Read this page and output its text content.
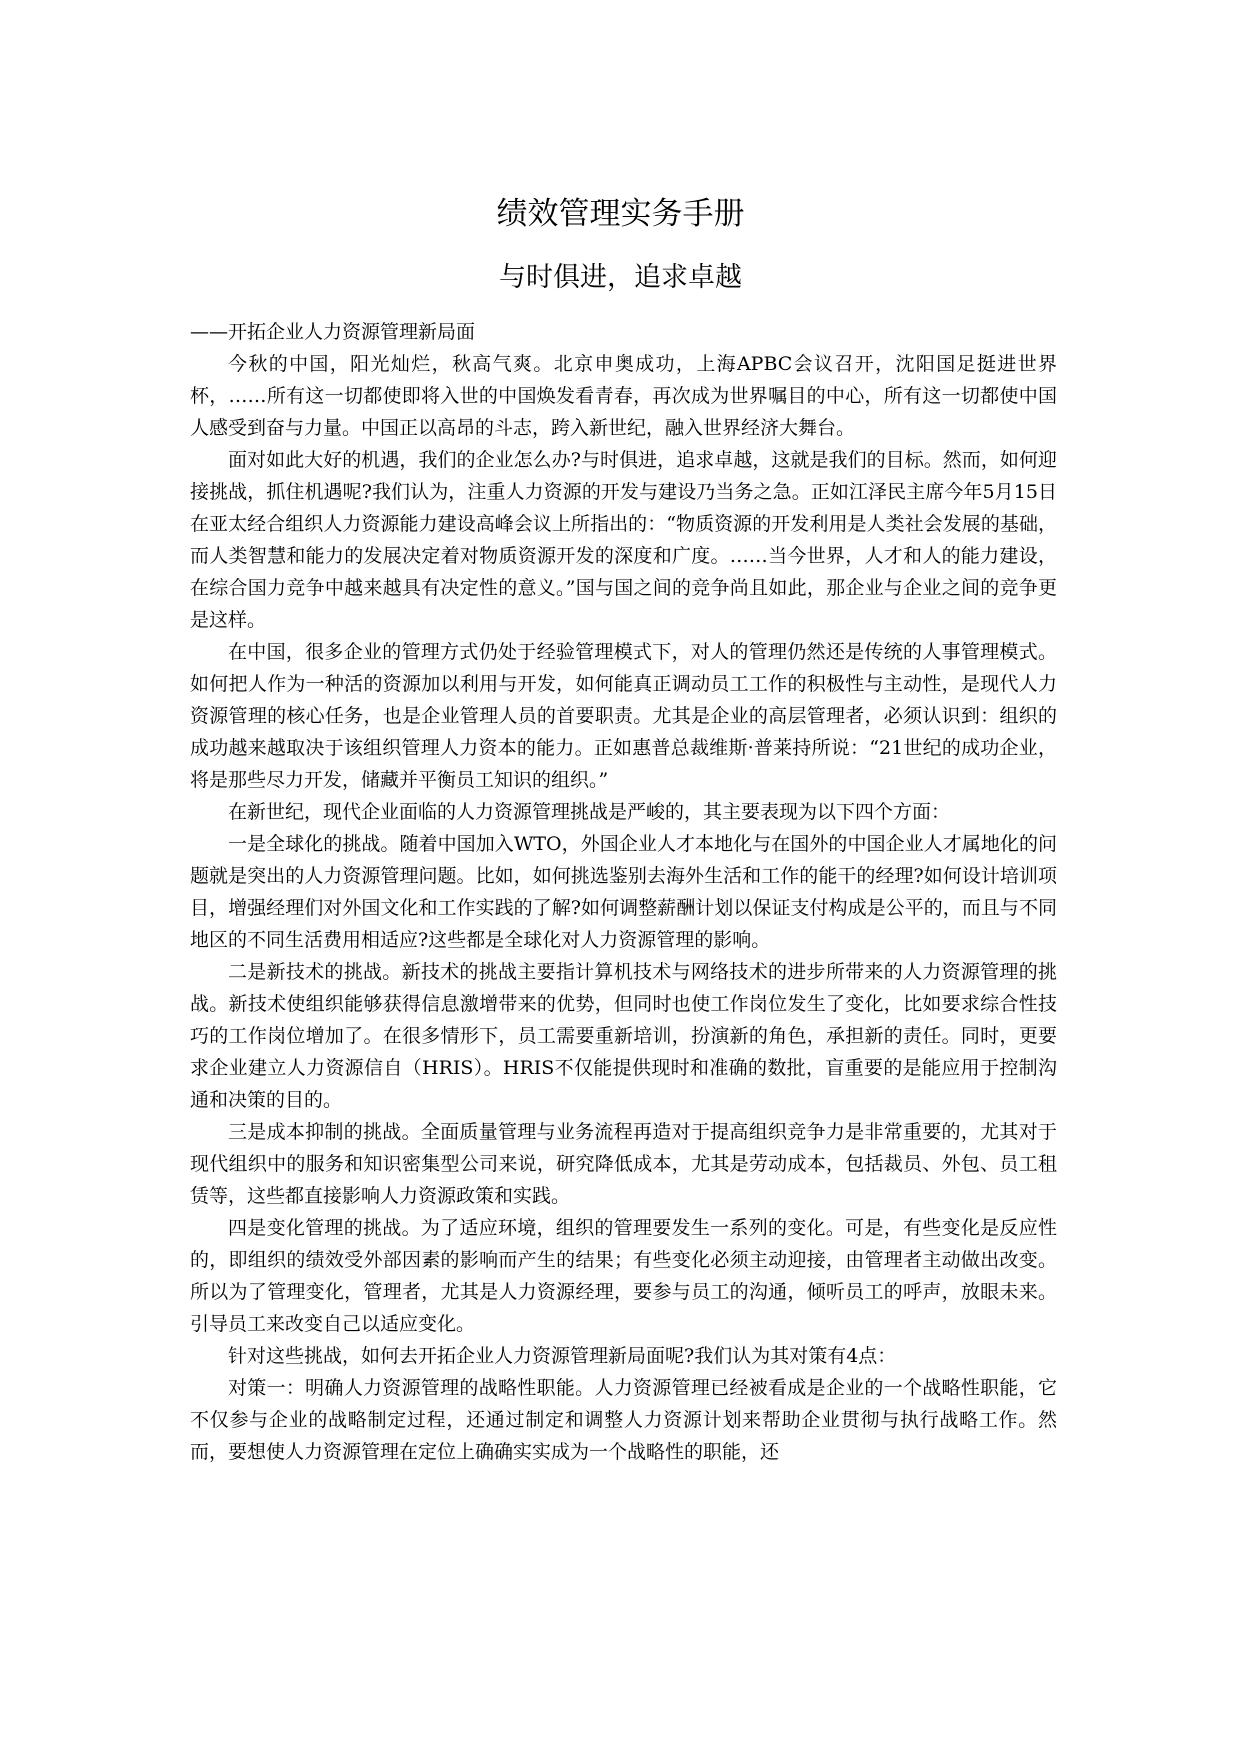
绩效管理实务手册
与时俱进，追求卓越

——开拓企业人力资源管理新局面

今秋的中国，阳光灿烂，秋高气爽。北京申奥成功，上海APBC会议召开，沈阳国足挺进世界杯，……所有这一切都使即将入世的中国焕发看青春，再次成为世界嘱目的中心，所有这一切都使中国人感受到奋与力量。中国正以高昂的斗志，跨入新世纪，融入世界经济大舞台。

面对如此大好的机遇，我们的企业怎么办?与时俱进，追求卓越，这就是我们的目标。然而，如何迎接挑战，抓住机遇呢?我们认为，注重人力资源的开发与建设乃当务之急。正如江泽民主席今年5月15日在亚太经合组织人力资源能力建设高峰会议上所指出的：“物质资源的开发利用是人类社会发展的基础，而人类智慧和能力的发展决定着对物质资源开发的深度和广度。……当今世界，人才和人的能力建设，在综合国力竞争中越来越具有决定性的意义。”国与国之间的竞争尚且如此，那企业与企业之间的竞争更是这样。

在中国，很多企业的管理方式仍处于经验管理模式下，对人的管理仍然还是传统的人事管理模式。如何把人作为一种活的资源加以利用与开发，如何能真正调动员工工作的积极性与主动性，是现代人力资源管理的核心任务，也是企业管理人员的首要职责。尤其是企业的高层管理者，必须认识到：组织的成功越来越取决于该组织管理人力资本的能力。正如惠普总裁维斯·普莱持所说：“21世纪的成功企业，将是那些尽力开发，储藏并平衡员工知识的组织。”

在新世纪，现代企业面临的人力资源管理挑战是严峻的，其主要表现为以下四个方面：

一是全球化的挑战。随着中国加入WTO，外国企业人才本地化与在国外的中国企业人才属地化的问题就是突出的人力资源管理问题。比如，如何挑选鉴别去海外生活和工作的能干的经理?如何设计培训项目，增强经理们对外国文化和工作实践的了解?如何调整薪酬计划以保证支付构成是公平的，而且与不同地区的不同生活费用相适应?这些都是全球化对人力资源管理的影响。

二是新技术的挑战。新技术的挑战主要指计算机技术与网络技术的进步所带来的人力资源管理的挑战。新技术使组织能够获得信息激增带来的优势，但同时也使工作岗位发生了变化，比如要求综合性技巧的工作岗位增加了。在很多情形下，员工需要重新培训，扮演新的角色，承担新的责任。同时，更要求企业建立人力资源信自（HRIS）。HRIS不仅能提供现时和准确的数批，盲重要的是能应用于控制沟通和决策的目的。

三是成本抑制的挑战。全面质量管理与业务流程再造对于提高组织竞争力是非常重要的，尤其对于现代组织中的服务和知识密集型公司来说，研究降低成本，尤其是劳动成本，包括裁员、外包、员工租赁等，这些都直接影响人力资源政策和实践。

四是变化管理的挑战。为了适应环境，组织的管理要发生一系列的变化。可是，有些变化是反应性的，即组织的绩效受外部因素的影响而产生的结果；有些变化必须主动迎接，由管理者主动做出改变。所以为了管理变化，管理者，尤其是人力资源经理，要参与员工的沟通，倾听员工的呼声，放眼未来。引导员工来改变自己以适应变化。

针对这些挑战，如何去开拓企业人力资源管理新局面呢?我们认为其对策有4点：

对策一：明确人力资源管理的战略性职能。人力资源管理已经被看成是企业的一个战略性职能，它不仅参与企业的战略制定过程，还通过制定和调整人力资源计划来帮助企业贯彻与执行战略工作。然而，要想使人力资源管理在定位上确确实实成为一个战略性的职能，还
